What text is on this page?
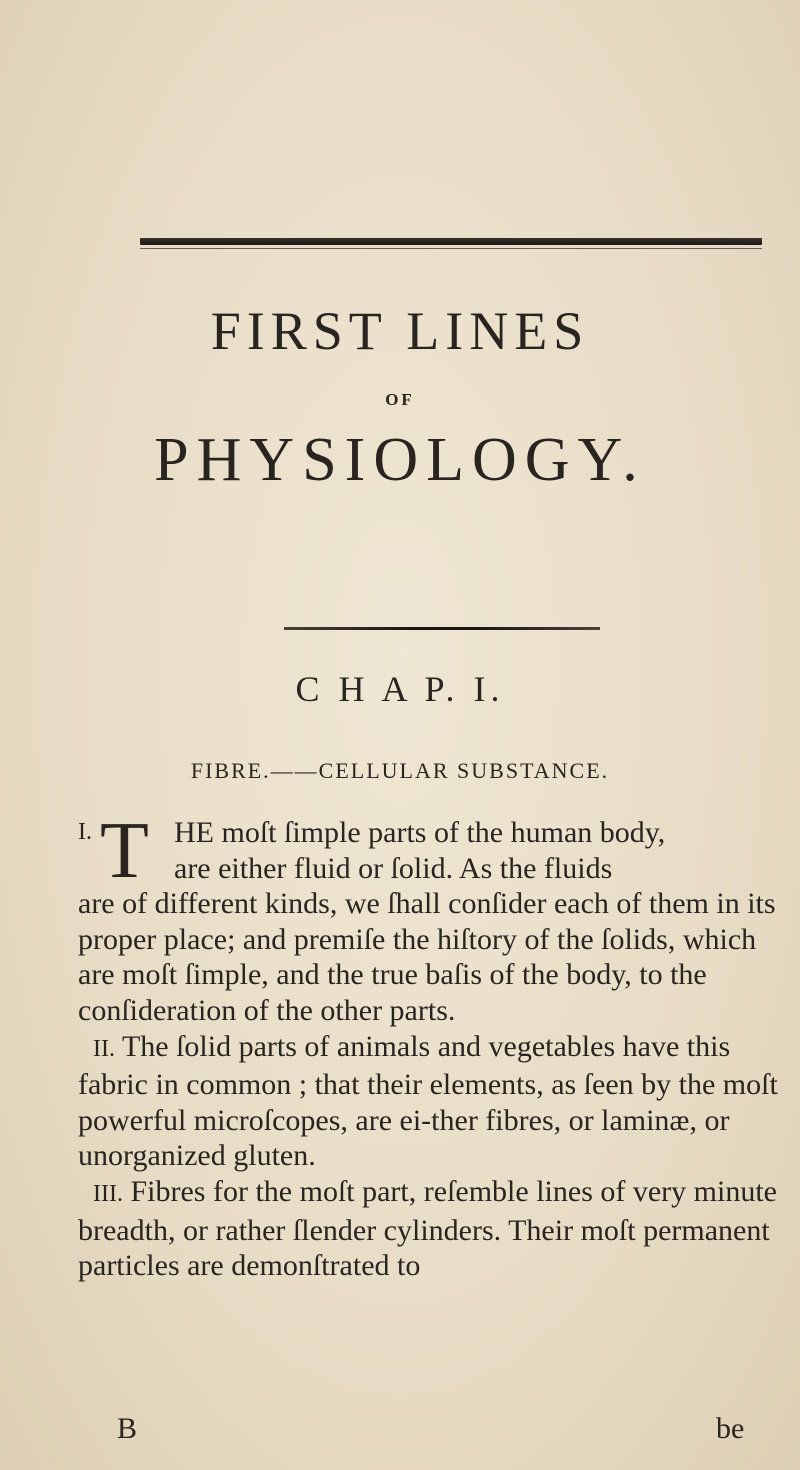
FIRST LINES
OF
PHYSIOLOGY.
C H A P. I.
FIBRE.——CELLULAR SUBSTANCE.
I. T HE moſt ſimple parts of the human body,
are either fluid or ſolid. As the fluids

are of different kinds, we ſhall conſider each of them in its proper place; and premiſe the hiſtory of the ſolids, which are moſt ſimple, and the true baſis of the body, to the conſideration of the other parts.

II. The ſolid parts of animals and vegetables have this fabric in common ; that their elements, as ſeen by the moſt powerful microſcopes, are ei-ther fibres, or laminæ, or unorganized gluten.

III. Fibres for the moſt part, reſemble lines of very minute breadth, or rather ſlender cylinders. Their moſt permanent particles are demonſtrated to

B	be
